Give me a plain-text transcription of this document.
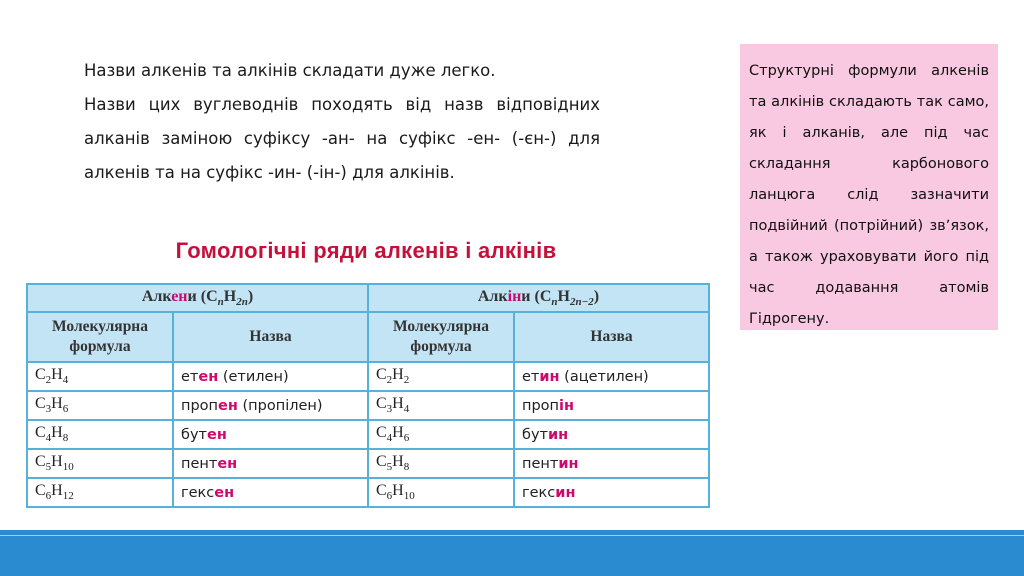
Назви алкенів та алкінів складати дуже легко.

Назви цих вуглеводнів походять від назв відповідних алканів заміною суфіксу -ан- на суфікс -ен- (-єн-) для алкенів та на суфікс -ин- (-ін-) для алкінів.

Структурні формули алкенів та алкінів складають так само, як і алканів, але під час складання карбонового ланцюга слід зазначити подвійний (потрійний) звʼязок, а також ураховувати його під час додавання атомів Гідрогену.
Гомологічні ряди алкенів і алкінів
Алкени $(C_nH_{2n})$		Алкіни $(C_nH_{2n-2})$	
Молекулярна формула	Назва	Молекулярна формула	Назва
$C_2H_4$	етен (етилен)	$C_2H_2$	етин (ацетилен)
$C_3H_6$	пропен (пропілен)	$C_3H_4$	пропін
$C_4H_8$	бутен	$C_4H_6$	бутин
$C_5H_{10}$	пентен	$C_5H_8$	пентин
$C_6H_{12}$	гексен	$C_6H_{10}$	гексин
